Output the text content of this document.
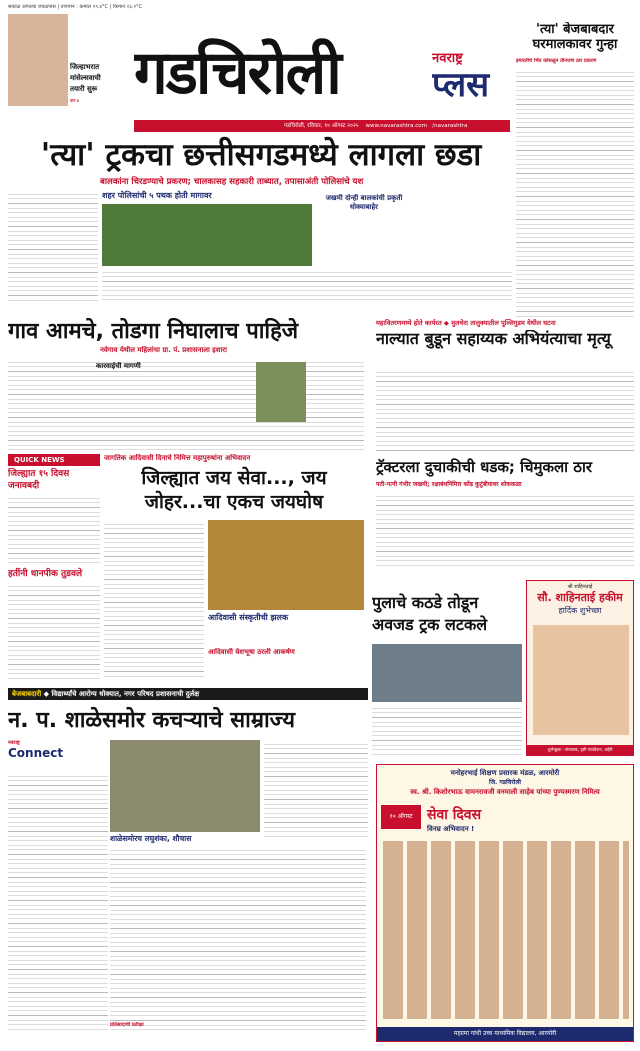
सकाळ आपल्या जवळपास | तापमान : कमाल २९.४°C | किमान २३.२°C
जिल्हाभरात
मांसेल्सवाची
तयारी सुरू
पान ४ गडचिरोली	नवराष्ट्र
प्लस
गडचिरोली, रविवार, १० ऑगस्ट २०२५ www.navarashtra.com /navarashtra
'त्या' बेजबाबदार घरमालकावर गुन्हा
इमारतीचे भिंत कोसळून तीनजण ठार प्रकरण
'त्या' ट्रकचा छत्तीसगडमध्ये लागला छडा
बालकांना चिरडण्याचे प्रकरण; चालकासह सहकारी ताब्यात, तपासाअंती पोलिसांचे यश
शहर पोलिसांची ५ पथक होती मागावर	जखमी दोन्ही बालकांची प्रकृती धोक्याबाहेर
गाव आमचे, तोडगा निघालाच पाहिजे
नवेगाव येथील महिलांचा ग्रा. पं. प्रशासनाला इशारा
कारवाईची मागणी
महावितरणमध्ये होते कार्यरत ◆ मुलचेरा तालुक्यातील पुल्लिगुडम येथील घटना
नाल्यात बुडून सहाय्यक अभियंत्याचा मृत्यू
QUICK NEWS
जिल्ह्यात १५ दिवस जनावबदी
हतींनी धानपीक तुडवले
जागतिक आदिवासी दिनाचे निमित्त महापुरुषांना अभिवादन
जिल्ह्यात जय सेवा..., जय जोहर...चा एकच जयघोष
आदिवासी संस्कृतीची झलक
आदिवासी वेशभूषा ठरली आकर्षण
ट्रॅक्टरला दुचाकीची धडक; चिमुकला ठार
पती-पत्नी गंभीर जखमी; रक्षाबंधनिमित्त कोंढ कुटुंबीयावर शोककळा
पुलाचे कठडे तोडून अवजड ट्रक लटकले
श्री शाहिनताई
सौ. शाहिनताई हकीम
हार्दिक शुभेच्छा
शुभेच्छुक : संचालक, दृष्टी फाउंडेशन, अहेरी
बेजबाबदारी ◆ विद्यार्थ्यांचे आरोग्य धोक्यात, नगर परिषद प्रशासनाची दुर्लक्ष
न. प. शाळेसमोर कचऱ्याचे साम्राज्य
नवराष्ट्र
Connect
शाळेसमोरच लघुशंका, शौचास
प्रतिसादाची प्रतीक्षा
मनोहरभाई शिक्षण प्रसारक मंडळ, आरमोरी
जि. गडचिरोली
स्व. श्री. किशोरभाऊ वामनरावजी वनमाली साहेब यांच्या पुण्यस्मरण निमित्य
१० ऑगस्ट	सेवा दिवस
विनम्र अभिवादन !
महात्मा गांधी उच्च माध्यमिक विद्यालय, आरमोरी
